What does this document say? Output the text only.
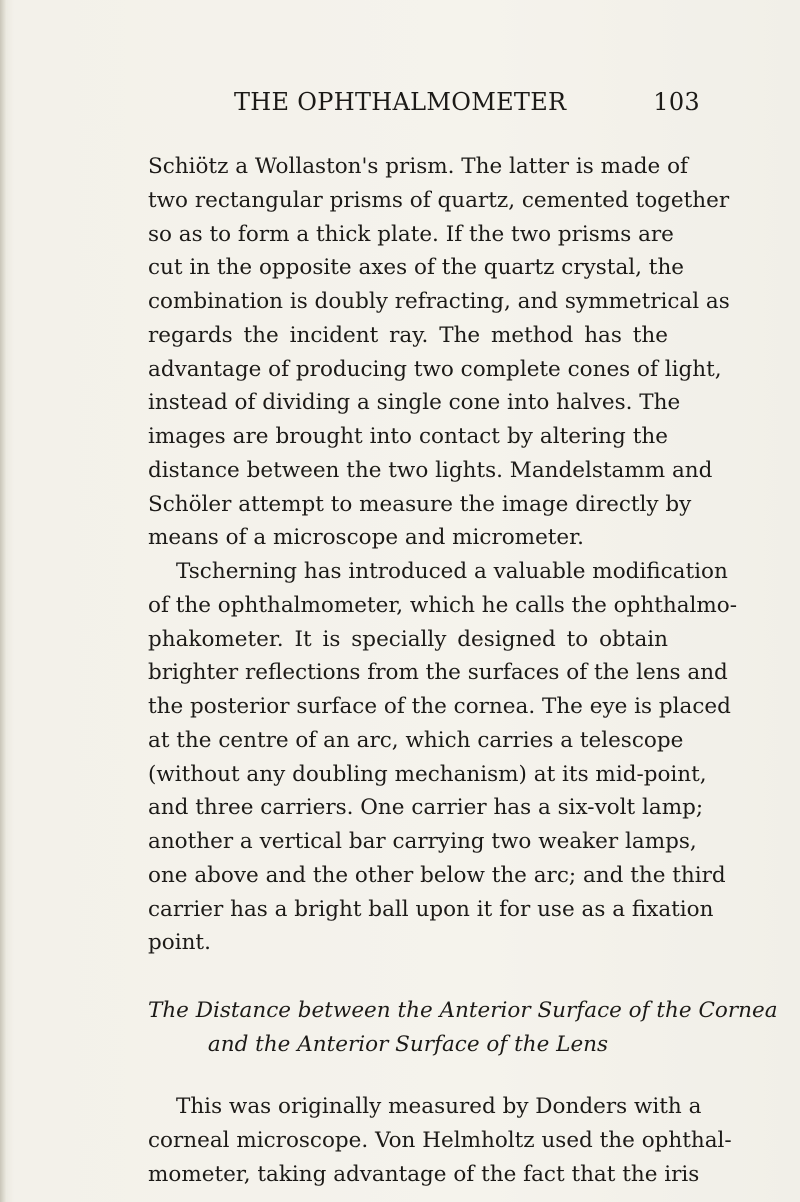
THE OPHTHALMOMETER	103
Schiötz a Wollaston's prism. The latter is made of
two rectangular prisms of quartz, cemented together
so as to form a thick plate. If the two prisms are
cut in the opposite axes of the quartz crystal, the
combination is doubly refracting, and symmetrical as
regards the incident ray. The method has the
advantage of producing two complete cones of light,
instead of dividing a single cone into halves. The
images are brought into contact by altering the
distance between the two lights. Mandelstamm and
Schöler attempt to measure the image directly by
means of a microscope and micrometer.
Tscherning has introduced a valuable modification
of the ophthalmometer, which he calls the ophthalmo-
phakometer. It is specially designed to obtain
brighter reflections from the surfaces of the lens and
the posterior surface of the cornea. The eye is placed
at the centre of an arc, which carries a telescope
(without any doubling mechanism) at its mid-point,
and three carriers. One carrier has a six-volt lamp;
another a vertical bar carrying two weaker lamps,
one above and the other below the arc; and the third
carrier has a bright ball upon it for use as a fixation
point.
The Distance between the Anterior Surface of the Cornea
and the Anterior Surface of the Lens
This was originally measured by Donders with a
corneal microscope. Von Helmholtz used the ophthal-
mometer, taking advantage of the fact that the iris
